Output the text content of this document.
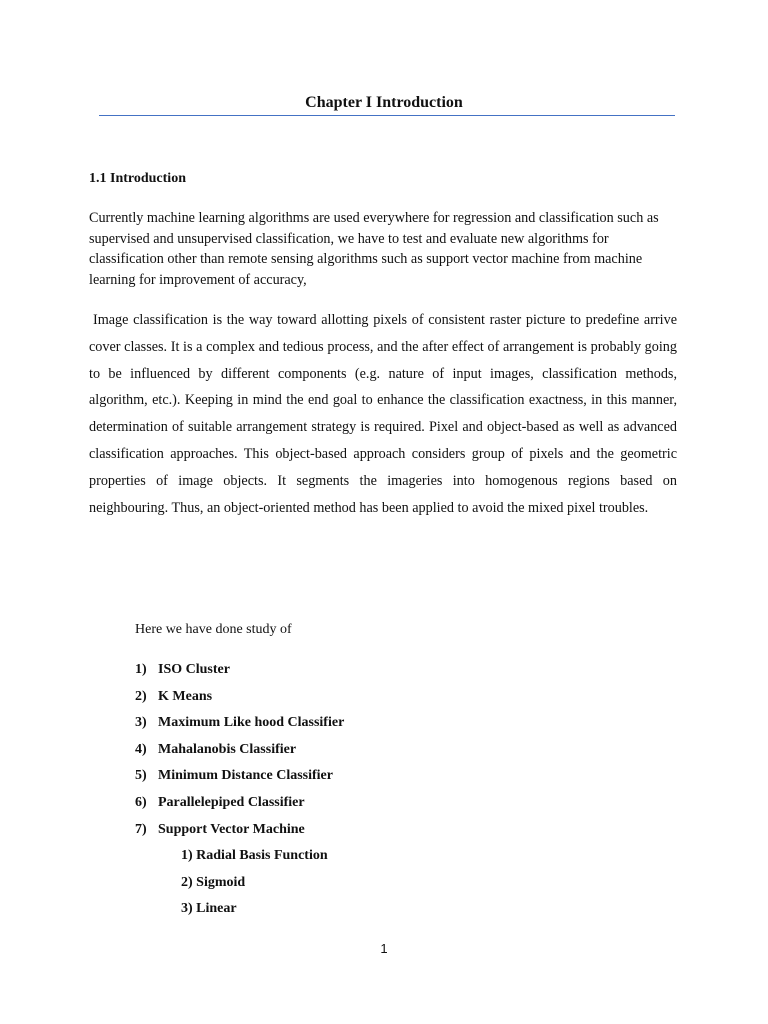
Chapter I Introduction
1.1 Introduction

Currently machine learning algorithms are used everywhere for regression and classification such as supervised and unsupervised classification, we have to test and evaluate new algorithms for classification other than remote sensing algorithms such as support vector machine from machine learning for improvement of accuracy,

Image classification is the way toward allotting pixels of consistent raster picture to predefine arrive cover classes. It is a complex and tedious process, and the after effect of arrangement is probably going to be influenced by different components (e.g. nature of input images, classification methods, algorithm, etc.). Keeping in mind the end goal to enhance the classification exactness, in this manner, determination of suitable arrangement strategy is required. Pixel and object-based as well as advanced classification approaches. This object-based approach considers group of pixels and the geometric properties of image objects. It segments the imageries into homogenous regions based on neighbouring. Thus, an object-oriented method has been applied to avoid the mixed pixel troubles.

Here we have done study of
1) ISO Cluster
2) K Means
3) Maximum Like hood Classifier
4) Mahalanobis Classifier
5) Minimum Distance Classifier
6) Parallelepiped Classifier
7) Support Vector Machine
1) Radial Basis Function
2) Sigmoid
3) Linear
1
